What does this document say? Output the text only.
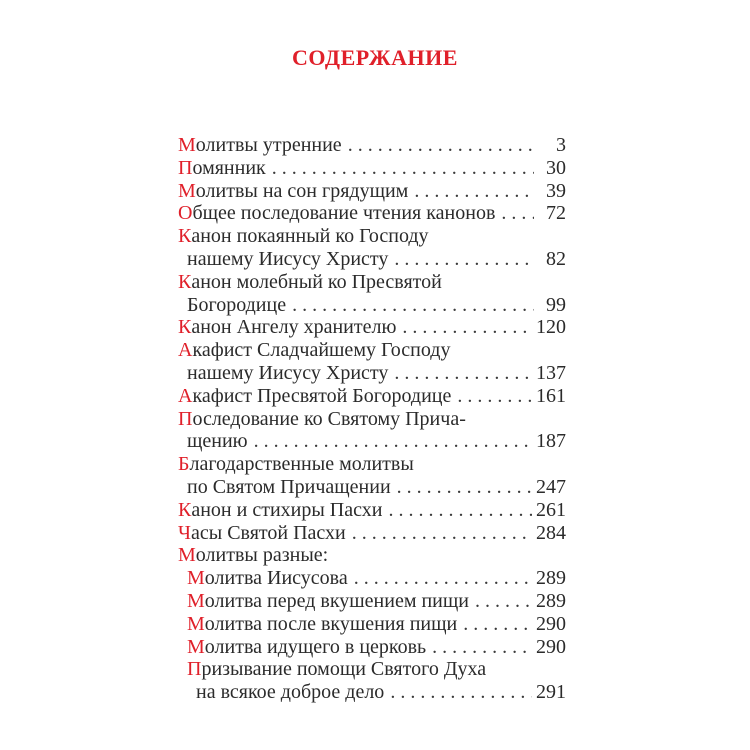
СОДЕРЖАНИЕ
М олитвы утренние . . .	3
П омянник . . .	30
М олитвы на сон грядущим . . .	39
О бщее последование чтения канонов . . .	72
К анон покаянный ко Господу
нашему Иисусу Христу . . .	82
К анон молебный ко Пресвятой
Богородице . . .	99
К анон Ангелу хранителю . . .	120
А кафист Сладчайшему Господу
нашему Иисусу Христу . . .	137
А кафист Пресвятой Богородице . . .	161
П оследование ко Святому Прича-
щению . . .	187
Б лагодарственные молитвы
по Святом Причащении . . .	247
К анон и стихиры Пасхи . . .	261
Ч асы Святой Пасхи . . .	284
М олитвы разные:
М олитва Иисусова . . .	289
М олитва перед вкушением пищи . . .	289
М олитва после вкушения пищи . . .	290
М олитва идущего в церковь . . .	290
П ризывание помощи Святого Духа
на всякое доброе дело . . .	291
